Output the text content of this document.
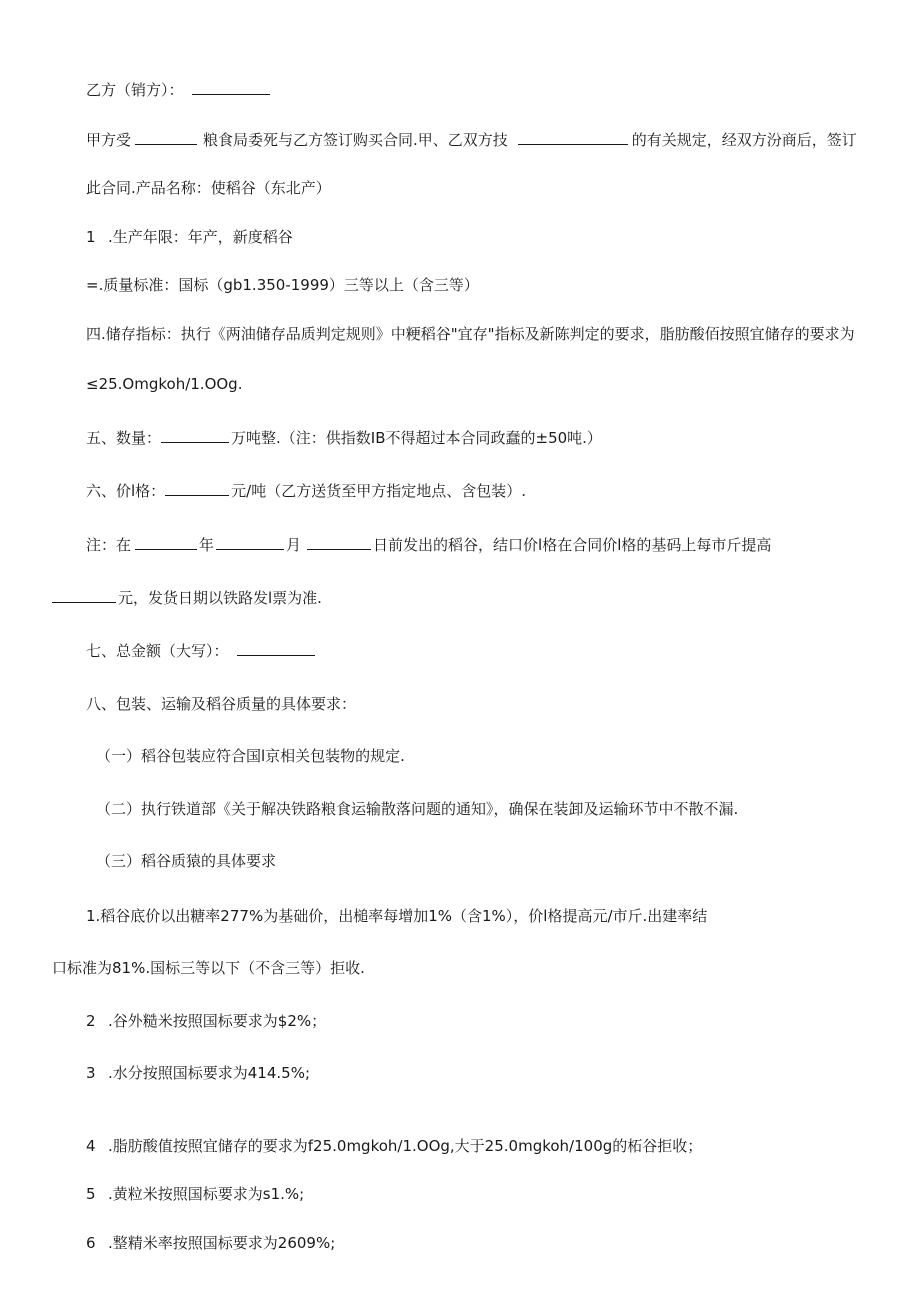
乙方（销方）：
甲方受	粮食局委死与乙方签订购买合同.甲、乙双方技	的有关规定，经双方汾商后，签订
此合同.产品名称：使稻谷（东北产）
1 .生产年限：年产，新度稻谷
=.质量标准：国标（gb1.350-1999）三等以上（含三等）
四.储存指标：执行《两油储存品质判定规则》中粳稻谷"宜存"指标及新陈判定的要求，脂肪酸佰按照宜储存的要求为
≤25.Omgkoh/1.OOg.
五、数量：	万吨整.（注：供指数IB不得超过本合同政蠢的±50吨.）
六、价l格：	元/吨（乙方送货至甲方指定地点、含包装）.
注：在	年	月	日前发出的稻谷，结口价l格在合同价l格的基码上每市斤提高
元，发货日期以铁路发l票为准.
七、总金额（大写）：
八、包装、运输及稻谷质量的具体要求：
（一）稻谷包装应符合国l京相关包装物的规定.
（二）执行铁道部《关于解决铁路粮食运输散落问题的通知》，确保在装卸及运输环节中不散不漏.
（三）稻谷质猿的具体要求
1.稻谷底价以出糖率277%为基础价，出槌率每增加1%（含1%），价l格提高元/市斤.出建率结
口标准为81%.国标三等以下（不含三等）拒收.
2 .谷外糙米按照国标要求为$2%；
3 .水分按照国标要求为414.5%;
4 .脂肪酸值按照宜储存的要求为f25.0mgkoh∕1.OOg,大于25.0mgkoh∕100g的柘谷拒收；
5 .黄粒米按照国标要求为s1.%;
6 .整精米率按照国标要求为2609%;
